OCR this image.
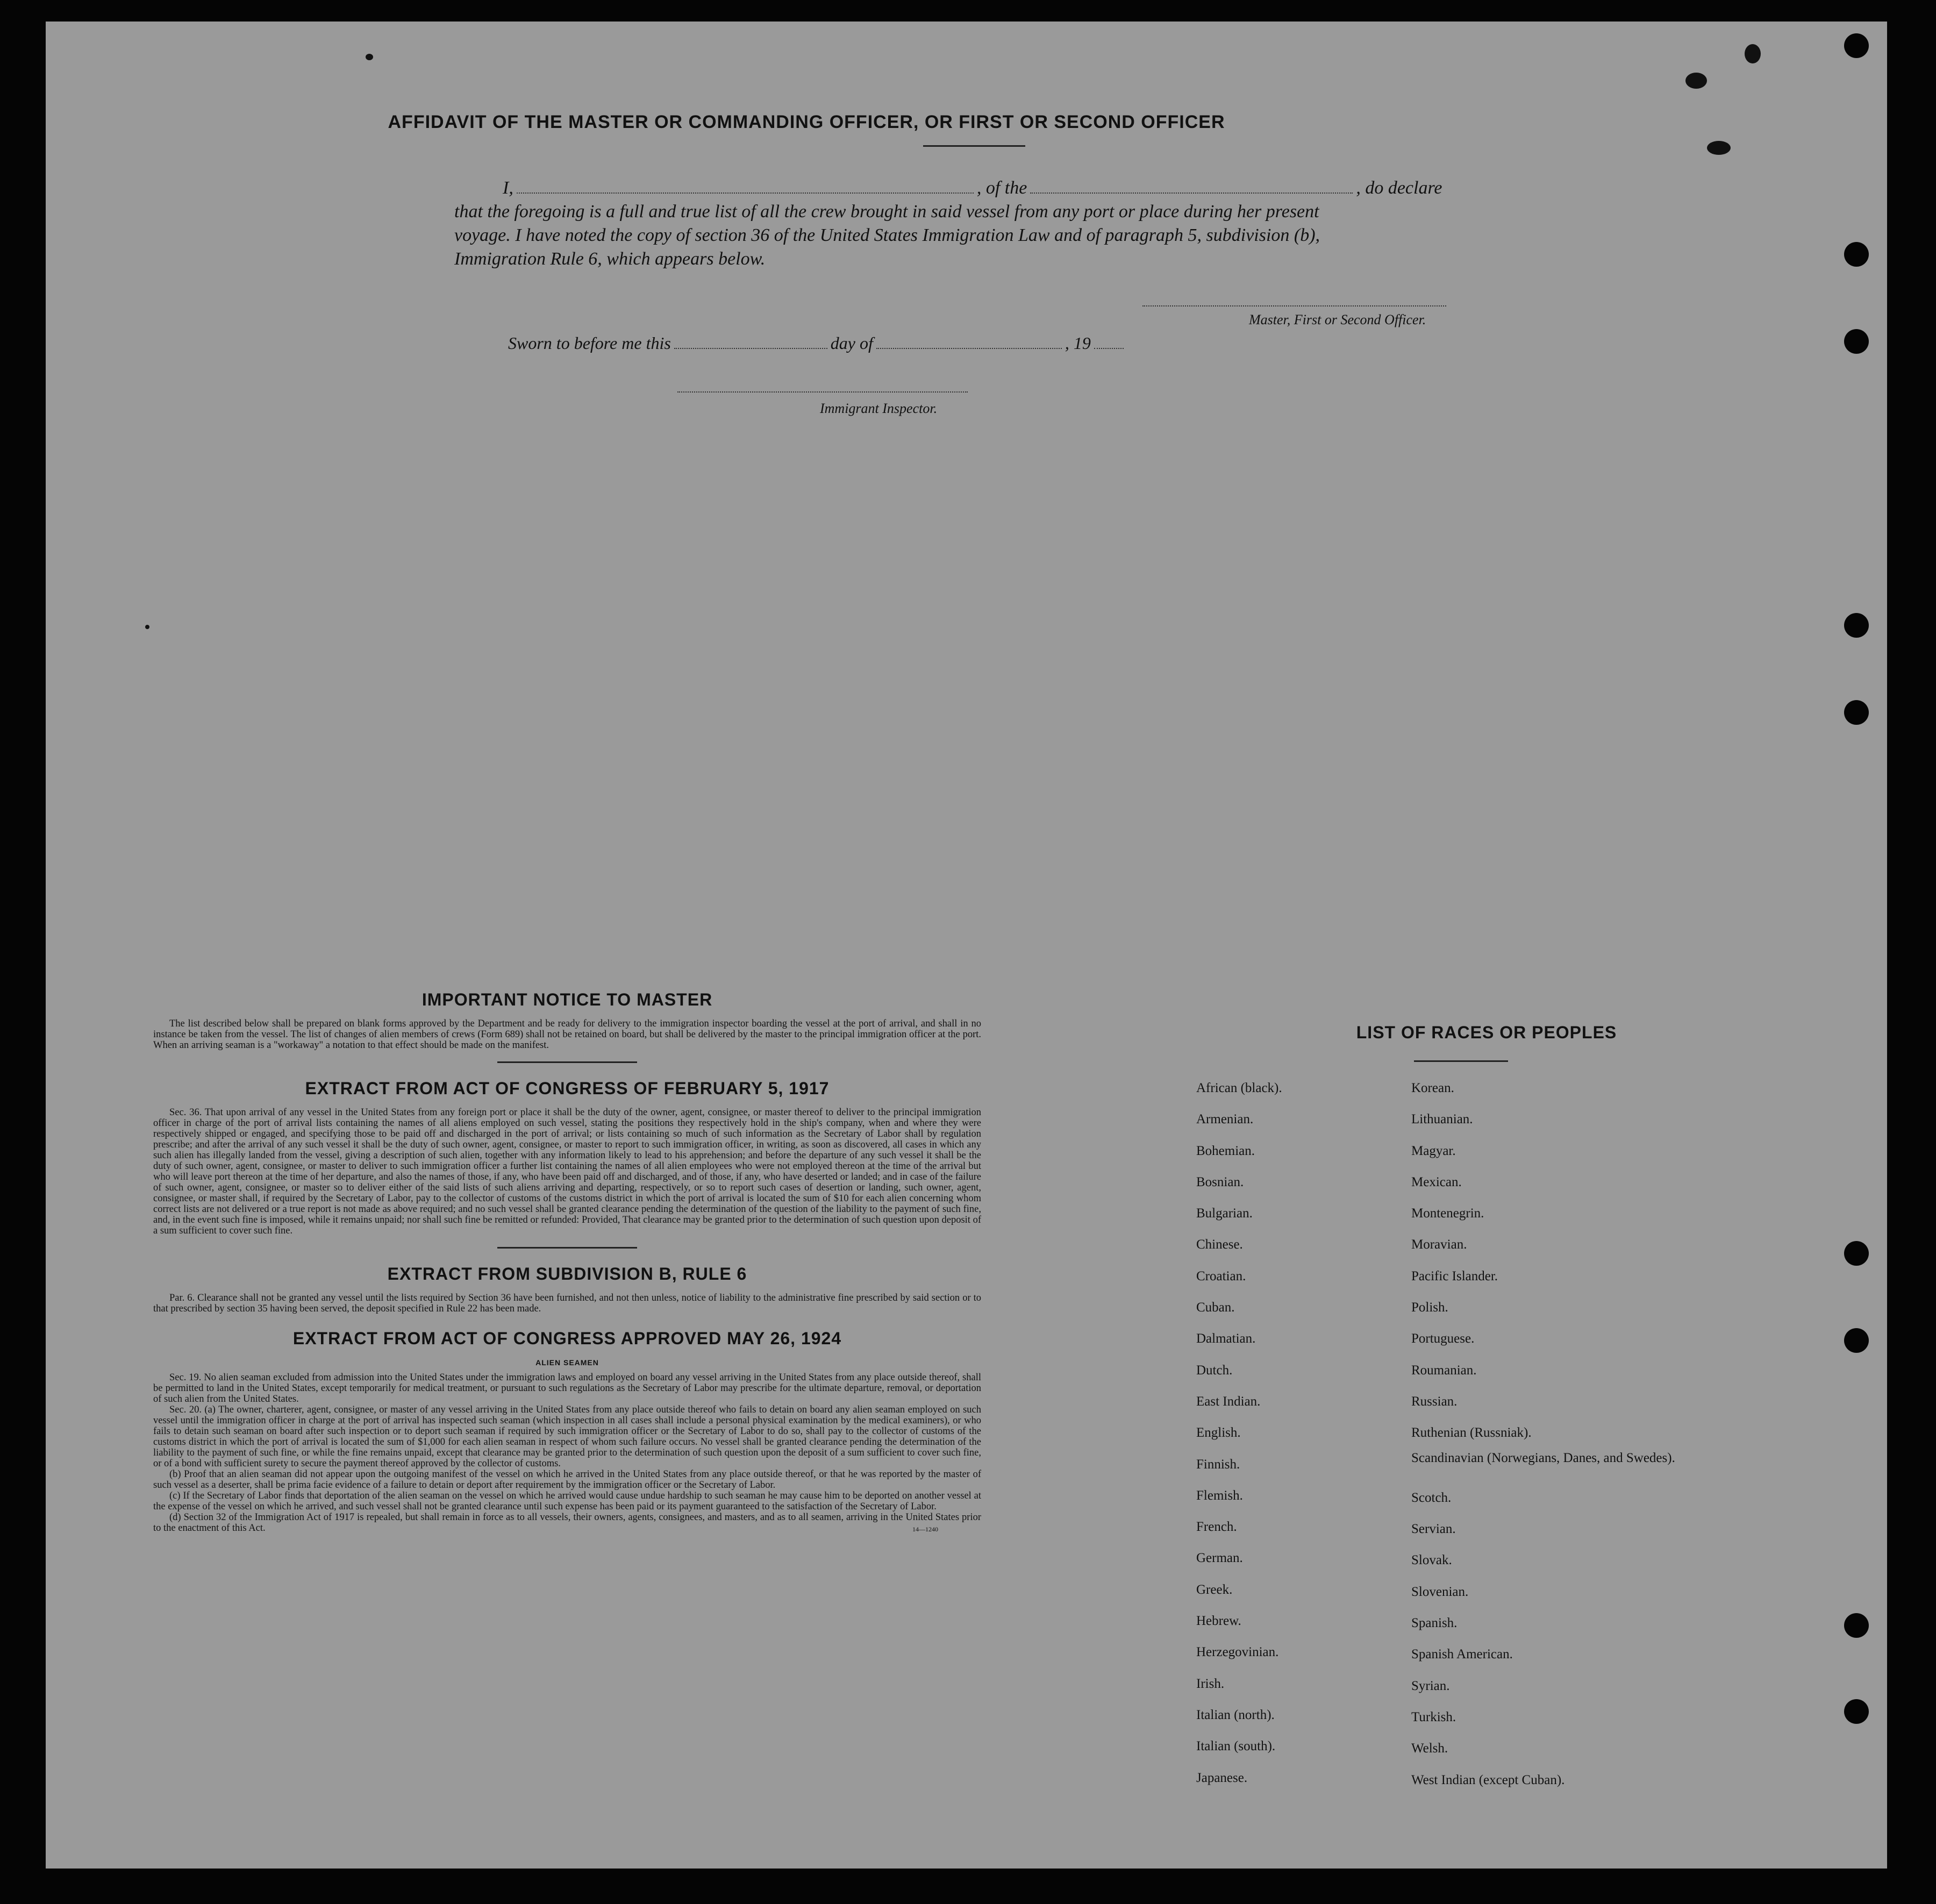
AFFIDAVIT OF THE MASTER OR COMMANDING OFFICER, OR FIRST OR SECOND OFFICER
I,	, of the	, do declare
that the foregoing is a full and true list of all the crew brought in said vessel from any port or place during her present
voyage. I have noted the copy of section 36 of the United States Immigration Law and of paragraph 5, subdivision (b),
Immigration Rule 6, which appears below.
Master, First or Second Officer.
Sworn to before me this	day of	, 19
Immigrant Inspector.
IMPORTANT NOTICE TO MASTER

The list described below shall be prepared on blank forms approved by the Department and be ready for delivery to the immigration inspector boarding the vessel at the port of arrival, and shall in no instance be taken from the vessel. The list of changes of alien members of crews (Form 689) shall not be retained on board, but shall be delivered by the master to the principal immigration officer at the port. When an arriving seaman is a "workaway" a notation to that effect should be made on the manifest.

EXTRACT FROM ACT OF CONGRESS OF FEBRUARY 5, 1917

Sec. 36. That upon arrival of any vessel in the United States from any foreign port or place it shall be the duty of the owner, agent, consignee, or master thereof to deliver to the principal immigration officer in charge of the port of arrival lists containing the names of all aliens employed on such vessel, stating the positions they respectively hold in the ship's company, when and where they were respectively shipped or engaged, and specifying those to be paid off and discharged in the port of arrival; or lists containing so much of such information as the Secretary of Labor shall by regulation prescribe; and after the arrival of any such vessel it shall be the duty of such owner, agent, consignee, or master to report to such immigration officer, in writing, as soon as discovered, all cases in which any such alien has illegally landed from the vessel, giving a description of such alien, together with any information likely to lead to his apprehension; and before the departure of any such vessel it shall be the duty of such owner, agent, consignee, or master to deliver to such immigration officer a further list containing the names of all alien employees who were not employed thereon at the time of the arrival but who will leave port thereon at the time of her departure, and also the names of those, if any, who have been paid off and discharged, and of those, if any, who have deserted or landed; and in case of the failure of such owner, agent, consignee, or master so to deliver either of the said lists of such aliens arriving and departing, respectively, or so to report such cases of desertion or landing, such owner, agent, consignee, or master shall, if required by the Secretary of Labor, pay to the collector of customs of the customs district in which the port of arrival is located the sum of $10 for each alien concerning whom correct lists are not delivered or a true report is not made as above required; and no such vessel shall be granted clearance pending the determination of the question of the liability to the payment of such fine, and, in the event such fine is imposed, while it remains unpaid; nor shall such fine be remitted or refunded: Provided, That clearance may be granted prior to the determination of such question upon deposit of a sum sufficient to cover such fine.

EXTRACT FROM SUBDIVISION B, RULE 6

Par. 6. Clearance shall not be granted any vessel until the lists required by Section 36 have been furnished, and not then unless, notice of liability to the administrative fine prescribed by said section or to that prescribed by section 35 having been served, the deposit specified in Rule 22 has been made.

EXTRACT FROM ACT OF CONGRESS APPROVED MAY 26, 1924
ALIEN SEAMEN

Sec. 19. No alien seaman excluded from admission into the United States under the immigration laws and employed on board any vessel arriving in the United States from any place outside thereof, shall be permitted to land in the United States, except temporarily for medical treatment, or pursuant to such regulations as the Secretary of Labor may prescribe for the ultimate departure, removal, or deportation of such alien from the United States.

Sec. 20. (a) The owner, charterer, agent, consignee, or master of any vessel arriving in the United States from any place outside thereof who fails to detain on board any alien seaman employed on such vessel until the immigration officer in charge at the port of arrival has inspected such seaman (which inspection in all cases shall include a personal physical examination by the medical examiners), or who fails to detain such seaman on board after such inspection or to deport such seaman if required by such immigration officer or the Secretary of Labor to do so, shall pay to the collector of customs of the customs district in which the port of arrival is located the sum of $1,000 for each alien seaman in respect of whom such failure occurs. No vessel shall be granted clearance pending the determination of the liability to the payment of such fine, or while the fine remains unpaid, except that clearance may be granted prior to the determination of such question upon the deposit of a sum sufficient to cover such fine, or of a bond with sufficient surety to secure the payment thereof approved by the collector of customs.

(b) Proof that an alien seaman did not appear upon the outgoing manifest of the vessel on which he arrived in the United States from any place outside thereof, or that he was reported by the master of such vessel as a deserter, shall be prima facie evidence of a failure to detain or deport after requirement by the immigration officer or the Secretary of Labor.

(c) If the Secretary of Labor finds that deportation of the alien seaman on the vessel on which he arrived would cause undue hardship to such seaman he may cause him to be deported on another vessel at the expense of the vessel on which he arrived, and such vessel shall not be granted clearance until such expense has been paid or its payment guaranteed to the satisfaction of the Secretary of Labor.

(d) Section 32 of the Immigration Act of 1917 is repealed, but shall remain in force as to all vessels, their owners, agents, consignees, and masters, and as to all seamen, arriving in the United States prior to the enactment of this Act.	14—1240
LIST OF RACES OR PEOPLES
African (black).
Armenian.
Bohemian.
Bosnian.
Bulgarian.
Chinese.
Croatian.
Cuban.
Dalmatian.
Dutch.
East Indian.
English.
Finnish.
Flemish.
French.
German.
Greek.
Hebrew.
Herzegovinian.
Irish.
Italian (north).
Italian (south).
Japanese.
Korean.
Lithuanian.
Magyar.
Mexican.
Montenegrin.
Moravian.
Pacific Islander.
Polish.
Portuguese.
Roumanian.
Russian.
Ruthenian (Russniak).
Scandinavian (Norwegians, Danes, and Swedes).
Scotch.
Servian.
Slovak.
Slovenian.
Spanish.
Spanish American.
Syrian.
Turkish.
Welsh.
West Indian (except Cuban).
